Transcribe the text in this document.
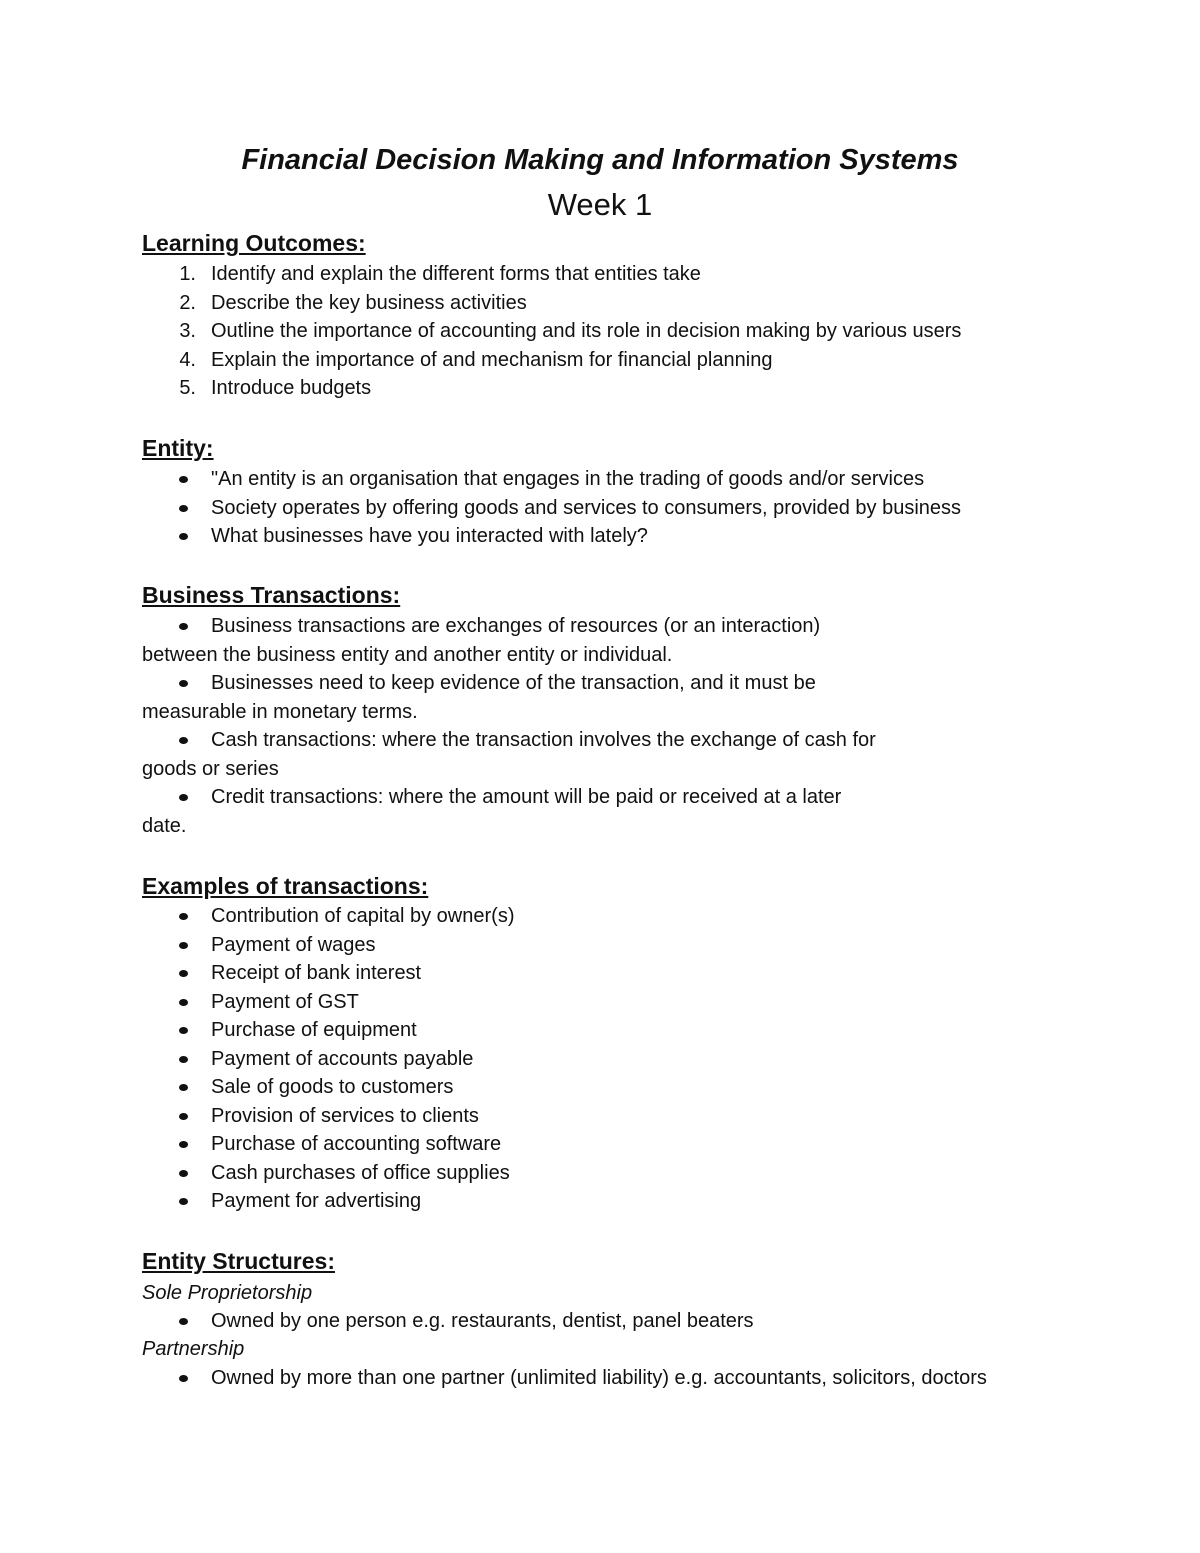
Financial Decision Making and Information Systems
Week 1
Learning Outcomes:
1. Identify and explain the different forms that entities take
2. Describe the key business activities
3. Outline the importance of accounting and its role in decision making by various users
4. Explain the importance of and mechanism for financial planning
5. Introduce budgets
Entity:
"An entity is an organisation that engages in the trading of goods and/or services
Society operates by offering goods and services to consumers, provided by business
What businesses have you interacted with lately?
Business Transactions:
Business transactions are exchanges of resources (or an interaction)
between the business entity and another entity or individual.
Businesses need to keep evidence of the transaction, and it must be
measurable in monetary terms.
Cash transactions: where the transaction involves the exchange of cash for
goods or series
Credit transactions: where the amount will be paid or received at a later
date.
Examples of transactions:
Contribution of capital by owner(s)
Payment of wages
Receipt of bank interest
Payment of GST
Purchase of equipment
Payment of accounts payable
Sale of goods to customers
Provision of services to clients
Purchase of accounting software
Cash purchases of office supplies
Payment for advertising
Entity Structures:
Sole Proprietorship
Owned by one person e.g. restaurants, dentist, panel beaters
Partnership
Owned by more than one partner (unlimited liability) e.g. accountants, solicitors, doctors
